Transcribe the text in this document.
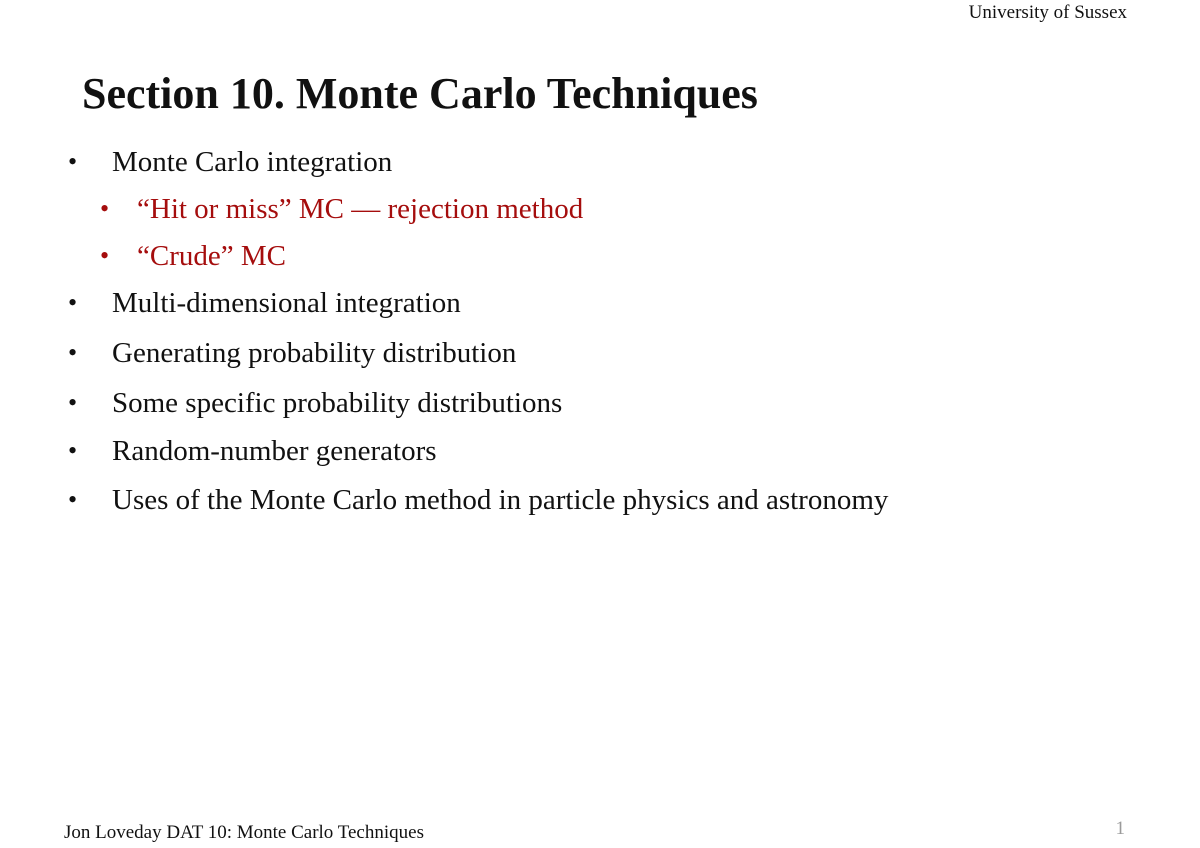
University of Sussex
Section 10. Monte Carlo Techniques
• Monte Carlo integration
• “Hit or miss” MC — rejection method
• “Crude” MC
• Multi-dimensional integration
• Generating probability distribution
• Some specific probability distributions
• Random-number generators
• Uses of the Monte Carlo method in particle physics and astronomy
Jon Loveday DAT 10: Monte Carlo Techniques	1
